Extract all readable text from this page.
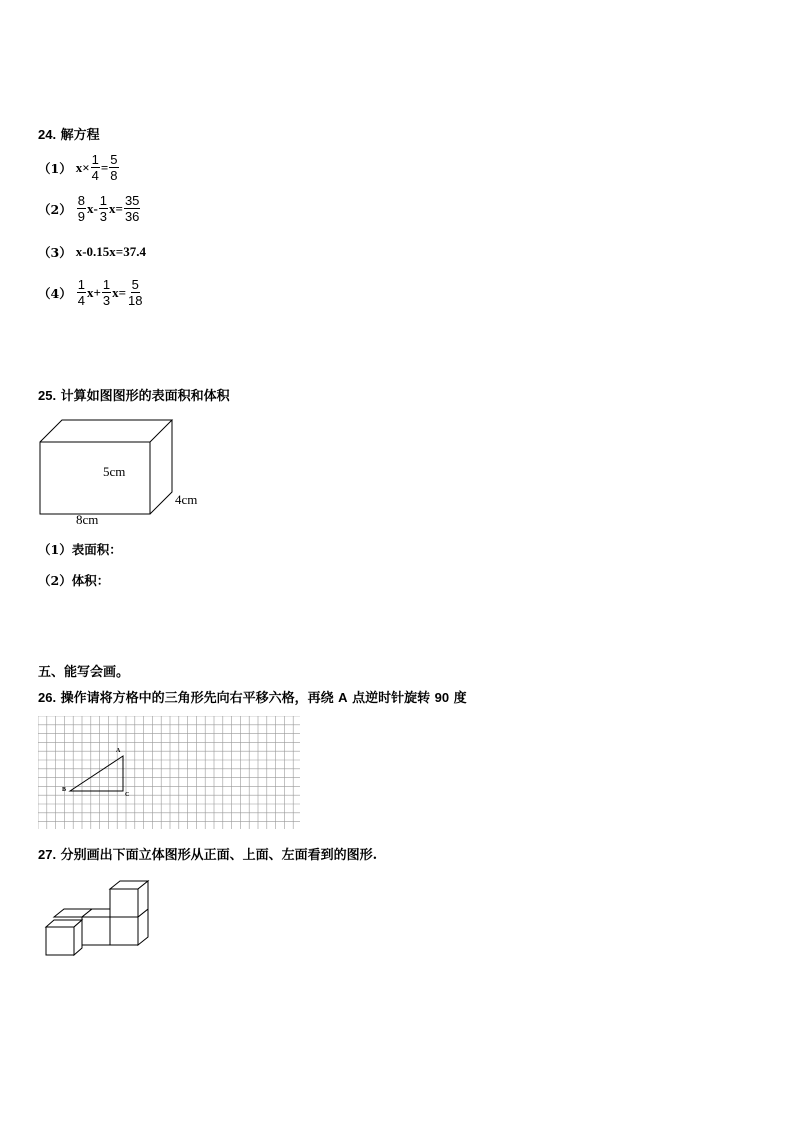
24. 解方程
（1） $x\times \frac{1}{4} = \frac{5}{8}$
$(2) \frac{8}{9} x- \frac{1}{3} x= \frac{35}{36}$
（3） x-0.15x=37.4
$(4) \frac{1}{4} x+ \frac{1}{3} x= \frac{5}{18}$
25. 计算如图图形的表面积和体积
5cm
4cm
8cm
（1）表面积：
（2）体积：
五、能写会画。
26. 操作请将方格中的三角形先向右平移六格，再绕 A 点逆时针旋转 90 度
A
B
C
27. 分别画出下面立体图形从正面、上面、左面看到的图形.
